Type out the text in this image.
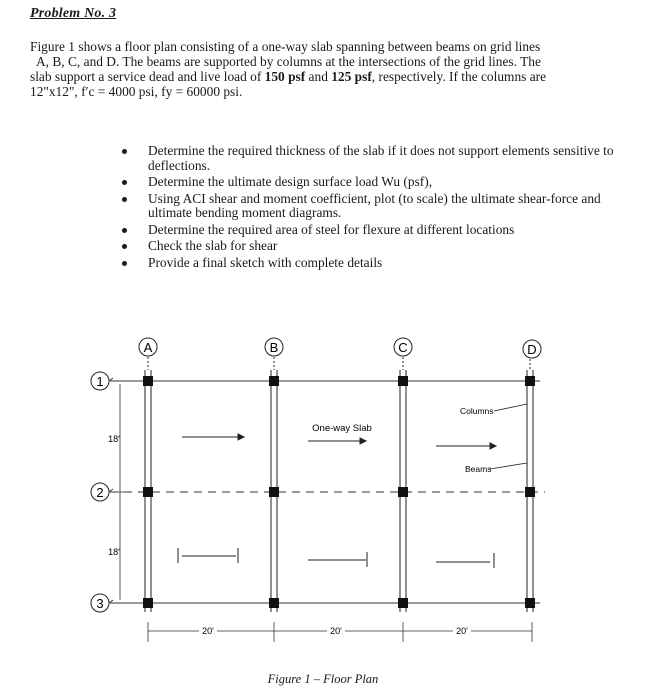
Problem No. 3
Figure 1 shows a floor plan consisting of a one-way slab spanning between beams on grid lines
A, B, C, and D. The beams are supported by columns at the intersections of the grid lines. The
slab support a service dead and live load of 150 psf and 125 psf, respectively. If the columns are
12"x12", f′c = 4000 psi, fy = 60000 psi.
Determine the required thickness of the slab if it does not support elements sensitive to deflections.
Determine the ultimate design surface load Wu (psf),
Using ACI shear and moment coefficient, plot (to scale) the ultimate shear-force and ultimate bending moment diagrams.
Determine the required area of steel for flexure at different locations
Check the slab for shear
Provide a final sketch with complete details
A	B	C	D
1
2
3
18'
18'
One-way Slab
Columns
Beams
20'	20'	20'
Figure 1 – Floor Plan
